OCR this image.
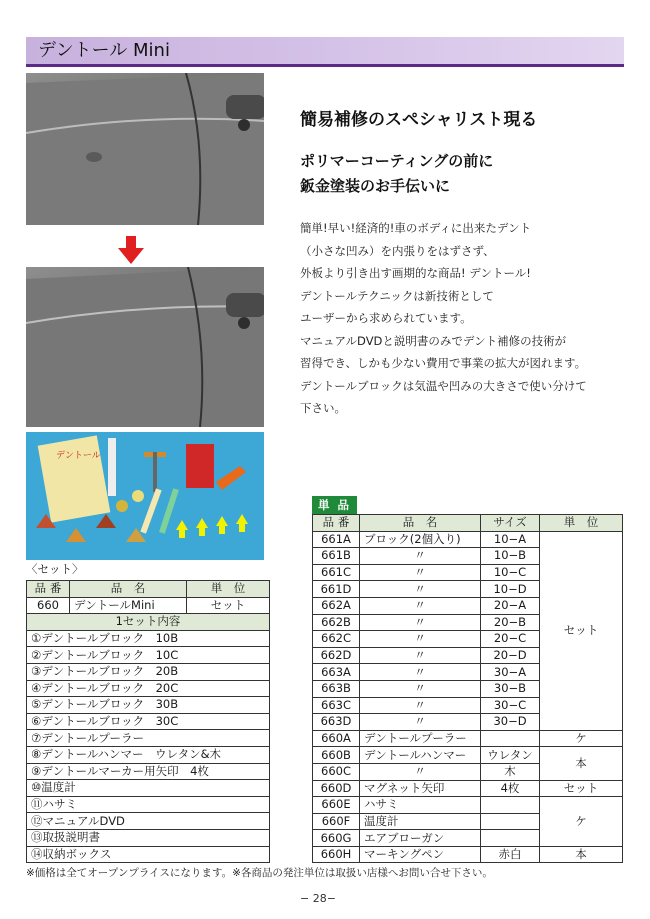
デントール Mini
デントール
簡易補修のスペシャリスト現る
ポリマーコーティングの前に
鈑金塗装のお手伝いに
簡単!早い!経済的!車のボディに出来たデント
（小さな凹み）を内張りをはずさず、
外板より引き出す画期的な商品! デントール!
デントールテクニックは新技術として
ユーザーから求められています。
マニュアルDVDと説明書のみでデント補修の技術が
習得でき、しかも少ない費用で事業の拡大が図れます。
デントールブロックは気温や凹みの大きさで使い分けて
下さい。
〈セット〉
品 番	品　名	単　位
660	デントールMini	セット
1セット内容		
①デントールブロック　10B		
②デントールブロック　10C		
③デントールブロック　20B		
④デントールブロック　20C		
⑤デントールブロック　30B		
⑥デントールブロック　30C		
⑦デントールプーラー		
⑧デントールハンマー　ウレタン&木		
⑨デントールマーカー用矢印　4枚		
⑩温度計		
⑪ハサミ		
⑫マニュアルDVD		
⑬取扱説明書		
⑭収納ボックス		
単 品
品 番	品　名	サイズ	単　位
661A	ブロック(2個入り)	10−A	セット
661B	〃	10−B	
661C	〃	10−C	
661D	〃	10−D	
662A	〃	20−A	
662B	〃	20−B	
662C	〃	20−C	
662D	〃	20−D	
663A	〃	30−A	
663B	〃	30−B	
663C	〃	30−C	
663D	〃	30−D	
660A	デントールプーラー		ケ
660B	デントールハンマー	ウレタン	本
660C	〃	木	
660D	マグネット矢印	4枚	セット
660E	ハサミ		ケ
660F	温度計		
660G	エアブローガン		
660H	マーキングペン	赤白	本
※価格は全てオープンプライスになります。※各商品の発注単位は取扱い店様へお問い合せ下さい。
− 28−
